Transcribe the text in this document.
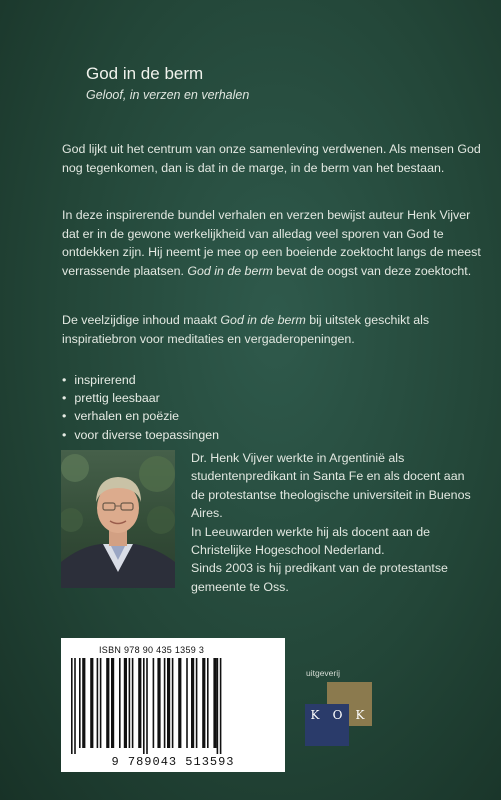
God in de berm
Geloof, in verzen en verhalen
God lijkt uit het centrum van onze samenleving verdwenen. Als mensen God nog tegenkomen, dan is dat in de marge, in de berm van het bestaan.
In deze inspirerende bundel verhalen en verzen bewijst auteur Henk Vijver dat er in de gewone werkelijkheid van alledag veel sporen van God te ontdekken zijn. Hij neemt je mee op een boeiende zoektocht langs de meest verrassende plaatsen. God in de berm bevat de oogst van deze zoektocht.
De veelzijdige inhoud maakt God in de berm bij uitstek geschikt als inspiratiebron voor meditaties en vergaderopeningen.
• inspirerend
• prettig leesbaar
• verhalen en poëzie
• voor diverse toepassingen
Dr. Henk Vijver werkte in Argentinië als studentenpredikant in Santa Fe en als docent aan de protestantse theologische universiteit in Buenos Aires.
In Leeuwarden werkte hij als docent aan de Christelijke Hogeschool Nederland.
Sinds 2003 is hij predikant van de protestantse gemeente te Oss.
ISBN 978 90 435 1359 3
9 789043 513593
uitgeverij
K O K
